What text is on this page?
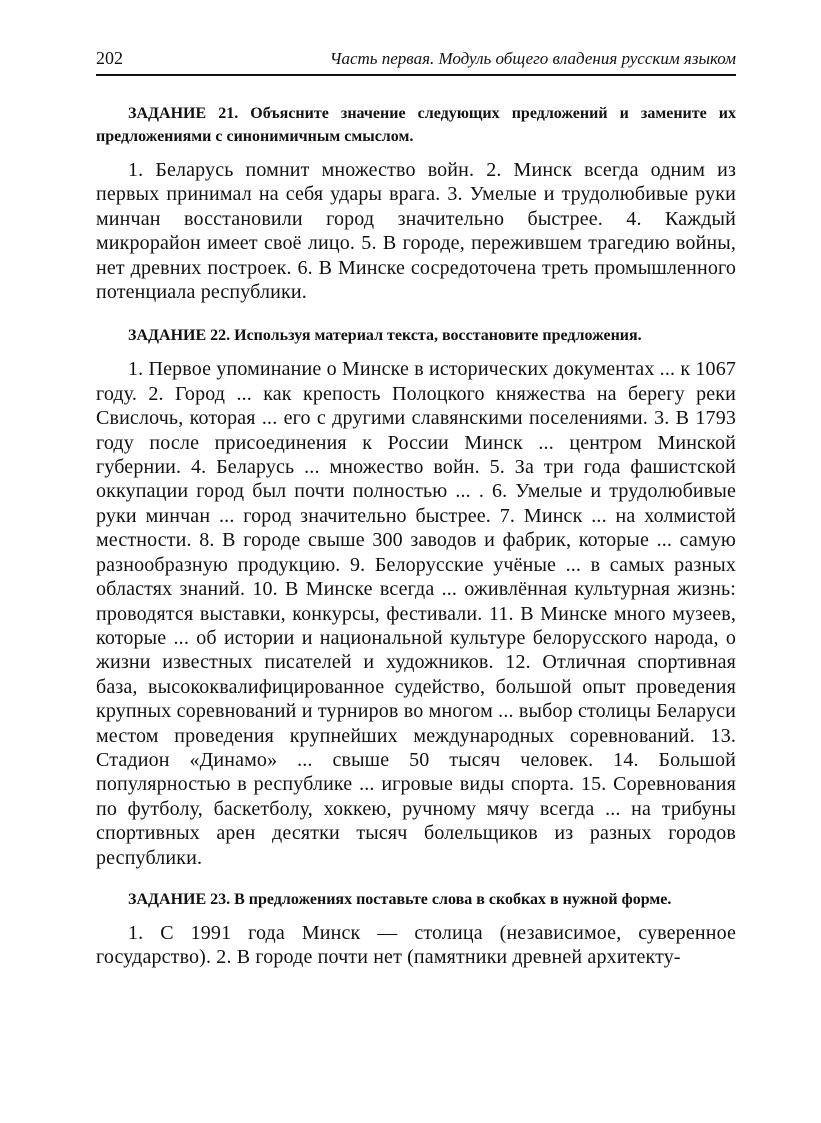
202	Часть первая. Модуль общего владения русским языком

ЗАДАНИЕ 21. Объясните значение следующих предложений и замените их предложениями с синонимичным смыслом.

1. Беларусь помнит множество войн. 2. Минск всегда одним из первых принимал на себя удары врага. 3. Умелые и трудолюбивые руки минчан восстановили город значительно быстрее. 4. Каждый микрорайон имеет своё лицо. 5. В городе, пережившем трагедию войны, нет древних построек. 6. В Минске сосредоточена треть промышленного потенциала республики.

ЗАДАНИЕ 22. Используя материал текста, восстановите предложения.

1. Первое упоминание о Минске в исторических документах ... к 1067 году. 2. Город ... как крепость Полоцкого княжества на берегу реки Свислочь, которая ... его с другими славянскими поселениями. 3. В 1793 году после присоединения к России Минск ... центром Минской губернии. 4. Беларусь ... множество войн. 5. За три года фашистской оккупации город был почти полностью ... . 6. Умелые и трудолюбивые руки минчан ... город значительно быстрее. 7. Минск ... на холмистой местности. 8. В городе свыше 300 заводов и фабрик, которые ... самую разнообразную продукцию. 9. Белорусские учёные ... в самых разных областях знаний. 10. В Минске всегда ... оживлённая культурная жизнь: проводятся выставки, конкурсы, фестивали. 11. В Минске много музеев, которые ... об истории и национальной культуре белорусского народа, о жизни известных писателей и художников. 12. Отличная спортивная база, высококвалифицированное судейство, большой опыт проведения крупных соревнований и турниров во многом ... выбор столицы Беларуси местом проведения крупнейших международных соревнований. 13. Стадион «Динамо» ... свыше 50 тысяч человек. 14. Большой популярностью в республике ... игровые виды спорта. 15. Соревнования по футболу, баскетболу, хоккею, ручному мячу всегда ... на трибуны спортивных арен десятки тысяч болельщиков из разных городов республики.

ЗАДАНИЕ 23. В предложениях поставьте слова в скобках в нужной форме.

1. С 1991 года Минск — столица (независимое, суверенное государство). 2. В городе почти нет (памятники древней архитекту-
